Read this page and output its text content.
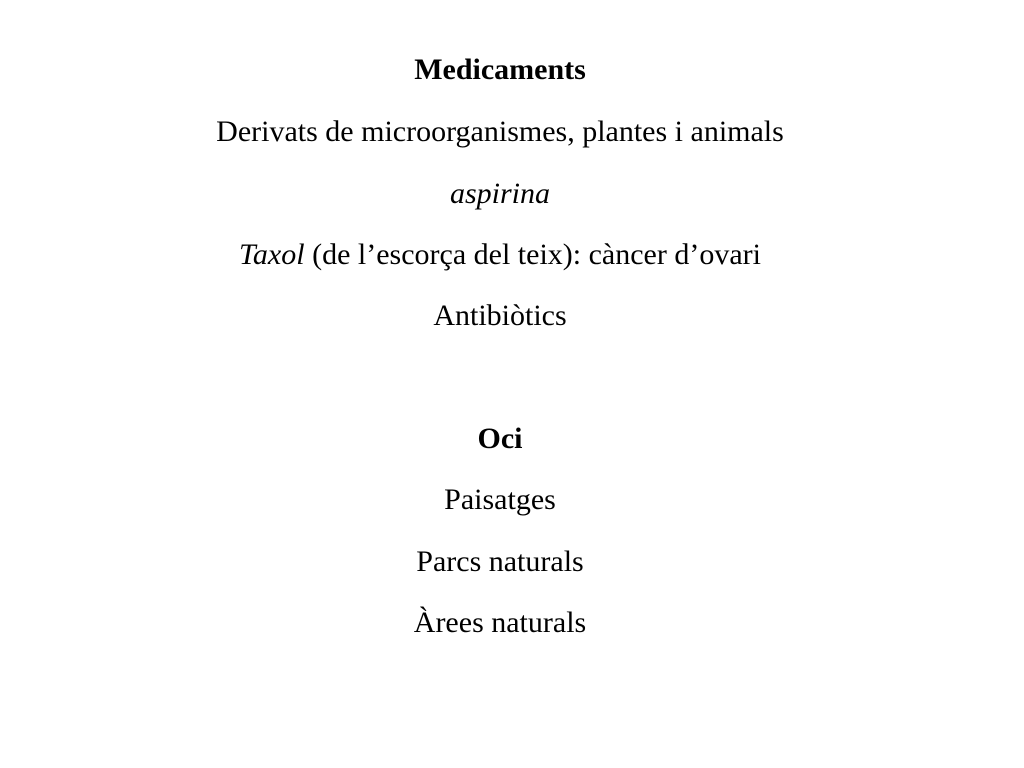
Medicaments
Derivats de microorganismes, plantes i animals
aspirina
Taxol (de l’escorça del teix): càncer d’ovari
Antibiòtics
Oci
Paisatges
Parcs naturals
Àrees naturals
